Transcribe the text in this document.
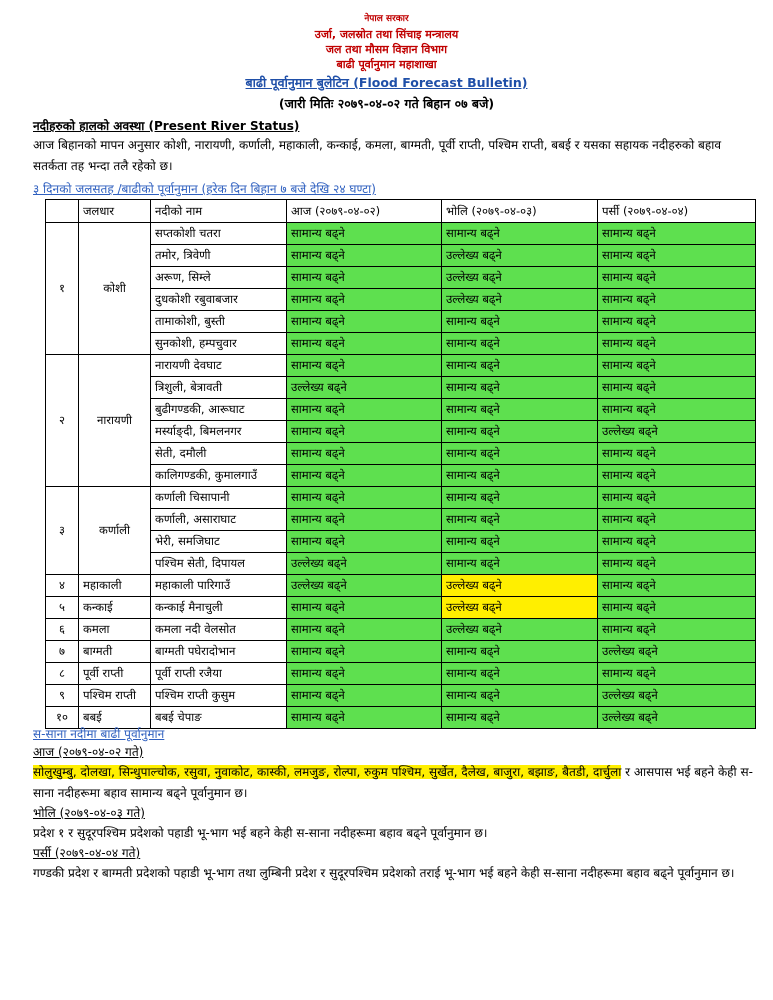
नेपाल सरकार
उर्जा, जलस्रोत तथा सिंचाइ मन्त्रालय
जल तथा मौसम विज्ञान विभाग
बाढी पूर्वानुमान महाशाखा
बाढी पूर्वानुमान बुलेटिन (Flood Forecast Bulletin)
(जारी मितिः २०७९-०४-०२ गते बिहान ०७ बजे)
नदीहरुको हालको अवस्था (Present River Status)
आज बिहानको मापन अनुसार कोशी, नारायणी, कर्णाली, महाकाली, कन्काई, कमला, बाग्मती, पूर्वी राप्ती, पश्चिम राप्ती, बबई र यसका सहायक नदीहरुको बहाव सतर्कता तह भन्दा तलै रहेको छ।
३ दिनको जलसतह /बाढीको पूर्वानुमान (हरेक दिन बिहान ७ बजे देखि २४ घण्टा)
	जलधार	नदीको नाम	आज (२०७९-०४-०२)	भोलि (२०७९-०४-०३)	पर्सी (२०७९-०४-०४)
१	कोशी	सप्तकोशी चतरा	सामान्य बढ्ने	सामान्य बढ्ने	सामान्य बढ्ने
		तमोर, त्रिवेणी	सामान्य बढ्ने	उल्लेख्य बढ्ने	सामान्य बढ्ने
		अरूण, सिम्ले	सामान्य बढ्ने	उल्लेख्य बढ्ने	सामान्य बढ्ने
		दुधकोशी रबुवाबजार	सामान्य बढ्ने	उल्लेख्य बढ्ने	सामान्य बढ्ने
		तामाकोशी, बुस्ती	सामान्य बढ्ने	सामान्य बढ्ने	सामान्य बढ्ने
		सुनकोशी, हम्पचुवार	सामान्य बढ्ने	सामान्य बढ्ने	सामान्य बढ्ने
२	नारायणी	नारायणी देवघाट	सामान्य बढ्ने	सामान्य बढ्ने	सामान्य बढ्ने
		त्रिशुली, बेत्रावती	उल्लेख्य बढ्ने	सामान्य बढ्ने	सामान्य बढ्ने
		बुढीगण्डकी, आरूघाट	सामान्य बढ्ने	सामान्य बढ्ने	सामान्य बढ्ने
		मर्स्याङ्दी, बिमलनगर	सामान्य बढ्ने	सामान्य बढ्ने	उल्लेख्य बढ्ने
		सेती, दमौली	सामान्य बढ्ने	सामान्य बढ्ने	सामान्य बढ्ने
		कालिगण्डकी, कुमालगाउँ	सामान्य बढ्ने	सामान्य बढ्ने	सामान्य बढ्ने
३	कर्णाली	कर्णाली चिसापानी	सामान्य बढ्ने	सामान्य बढ्ने	सामान्य बढ्ने
		कर्णाली, असाराघाट	सामान्य बढ्ने	सामान्य बढ्ने	सामान्य बढ्ने
		भेरी, समजिघाट	सामान्य बढ्ने	सामान्य बढ्ने	सामान्य बढ्ने
		पश्चिम सेती, दिपायल	उल्लेख्य बढ्ने	सामान्य बढ्ने	सामान्य बढ्ने
४	महाकाली	महाकाली पारिगाउँ	उल्लेख्य बढ्ने	उल्लेख्य बढ्ने	सामान्य बढ्ने
५	कन्काई	कन्काई मैनाचुली	सामान्य बढ्ने	उल्लेख्य बढ्ने	सामान्य बढ्ने
६	कमला	कमला नदी वेलसोत	सामान्य बढ्ने	उल्लेख्य बढ्ने	सामान्य बढ्ने
७	बाग्मती	बाग्मती पघेरादोभान	सामान्य बढ्ने	सामान्य बढ्ने	उल्लेख्य बढ्ने
८	पूर्वी राप्ती	पूर्वी राप्ती रजैया	सामान्य बढ्ने	सामान्य बढ्ने	सामान्य बढ्ने
९	पश्चिम राप्ती	पश्चिम राप्ती कुसुम	सामान्य बढ्ने	सामान्य बढ्ने	उल्लेख्य बढ्ने
१०	बबई	बबई चेपाङ	सामान्य बढ्ने	सामान्य बढ्ने	उल्लेख्य बढ्ने
स-साना नदीमा बाढी पूर्वानुमान
आज (२०७९-०४-०२ गते)
सोलुखुम्बु, दोलखा, सिन्धुपाल्चोक, रसुवा, नुवाकोट, कास्की, लमजुङ, रोल्पा, रुकुम पश्चिम, सुर्खेत, दैलेख, बाजुरा, बझाङ, बैतडी, दार्चुला र आसपास भई बहने केही स-साना नदीहरूमा बहाव सामान्य बढ्ने पूर्वानुमान छ।
भोलि (२०७९-०४-०३ गते)
प्रदेश १ र सुदूरपश्चिम प्रदेशको पहाडी भू-भाग भई बहने केही स-साना नदीहरूमा बहाव बढ्ने पूर्वानुमान छ।
पर्सी (२०७९-०४-०४ गते)
गण्डकी प्रदेश र बाग्मती प्रदेशको पहाडी भू-भाग तथा लुम्बिनी प्रदेश र सुदूरपश्चिम प्रदेशको तराई भू-भाग भई बहने केही स-साना नदीहरूमा बहाव बढ्ने पूर्वानुमान छ।
